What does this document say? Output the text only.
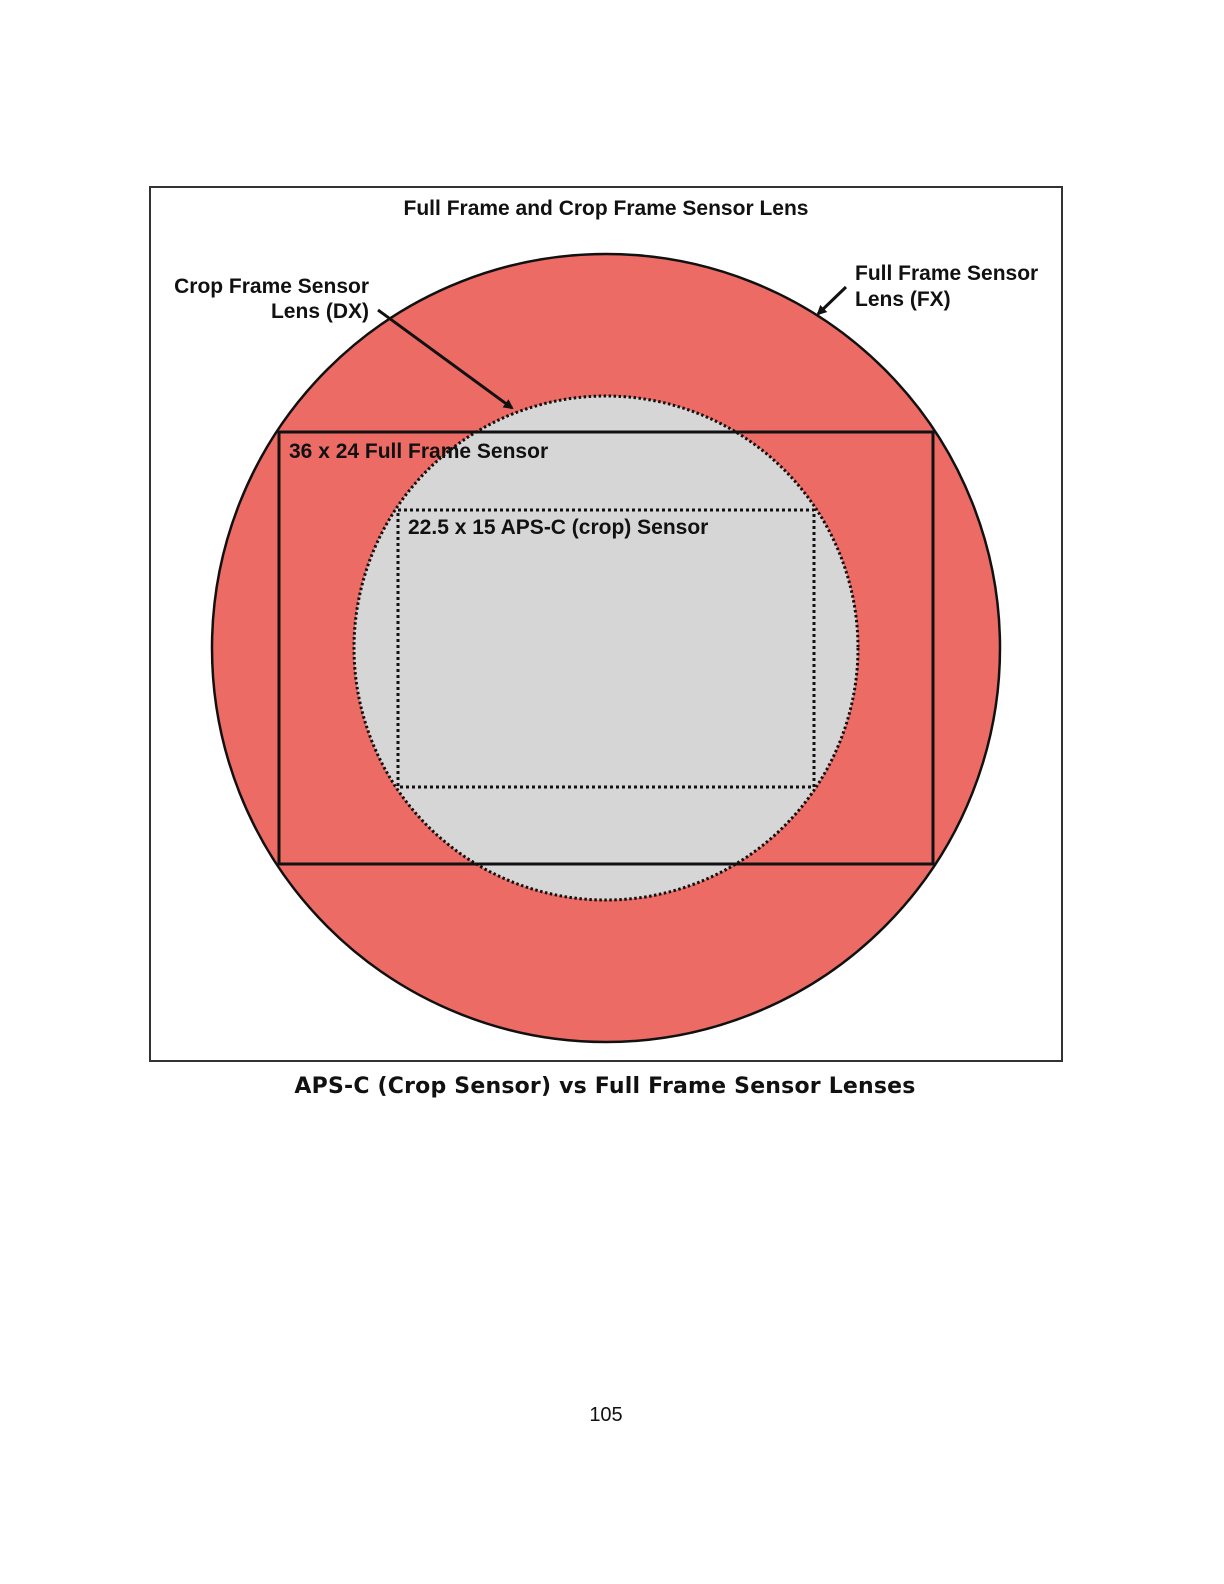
Full Frame and Crop Frame Sensor Lens
Crop Frame Sensor
Lens (DX)
Full Frame Sensor
Lens (FX)
36 x 24 Full Frame Sensor
22.5 x 15 APS-C (crop) Sensor
APS-C (Crop Sensor) vs Full Frame Sensor Lenses
105
